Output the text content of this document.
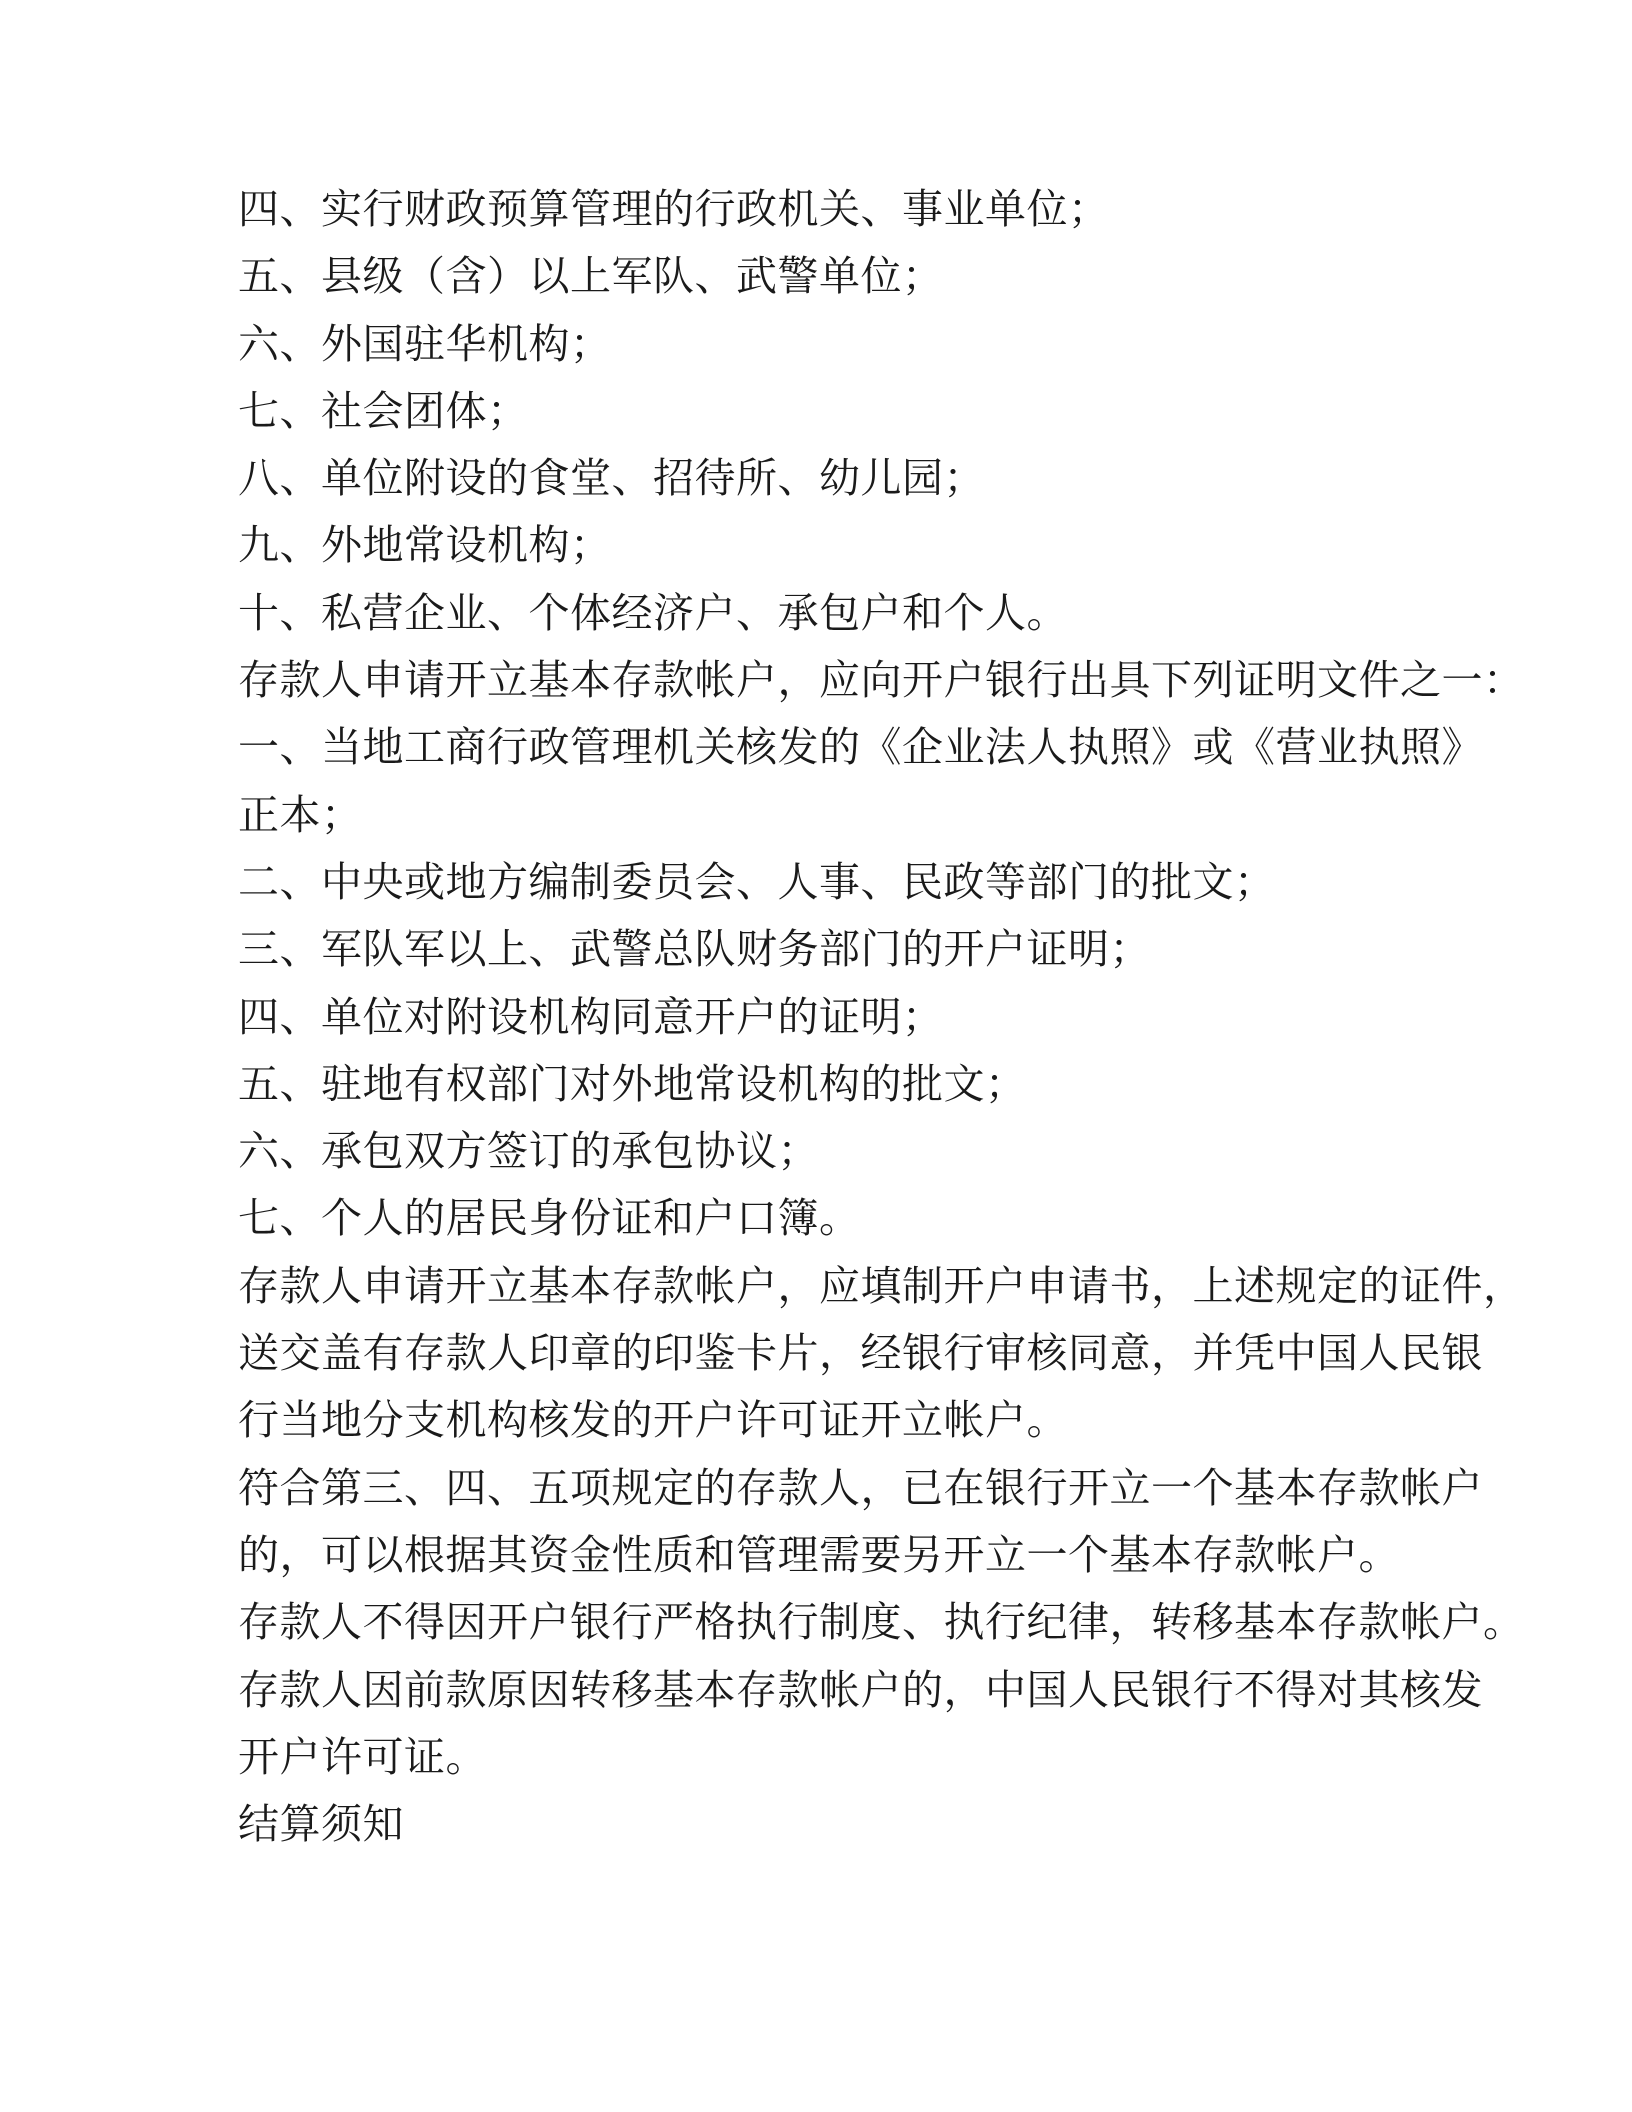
四、实行财政预算管理的行政机关、事业单位；
五、县级（含）以上军队、武警单位；
六、外国驻华机构；
七、社会团体；
八、单位附设的食堂、招待所、幼儿园；
九、外地常设机构；
十、私营企业、个体经济户、承包户和个人。
存款人申请开立基本存款帐户，应向开户银行出具下列证明文件之一：
一、当地工商行政管理机关核发的《企业法人执照》或《营业执照》
正本；
二、中央或地方编制委员会、人事、民政等部门的批文；
三、军队军以上、武警总队财务部门的开户证明；
四、单位对附设机构同意开户的证明；
五、驻地有权部门对外地常设机构的批文；
六、承包双方签订的承包协议；
七、个人的居民身份证和户口簿。
存款人申请开立基本存款帐户，应填制开户申请书，上述规定的证件，
送交盖有存款人印章的印鉴卡片，经银行审核同意，并凭中国人民银
行当地分支机构核发的开户许可证开立帐户。
符合第三、四、五项规定的存款人，已在银行开立一个基本存款帐户
的，可以根据其资金性质和管理需要另开立一个基本存款帐户。
存款人不得因开户银行严格执行制度、执行纪律，转移基本存款帐户。
存款人因前款原因转移基本存款帐户的，中国人民银行不得对其核发
开户许可证。
结算须知
